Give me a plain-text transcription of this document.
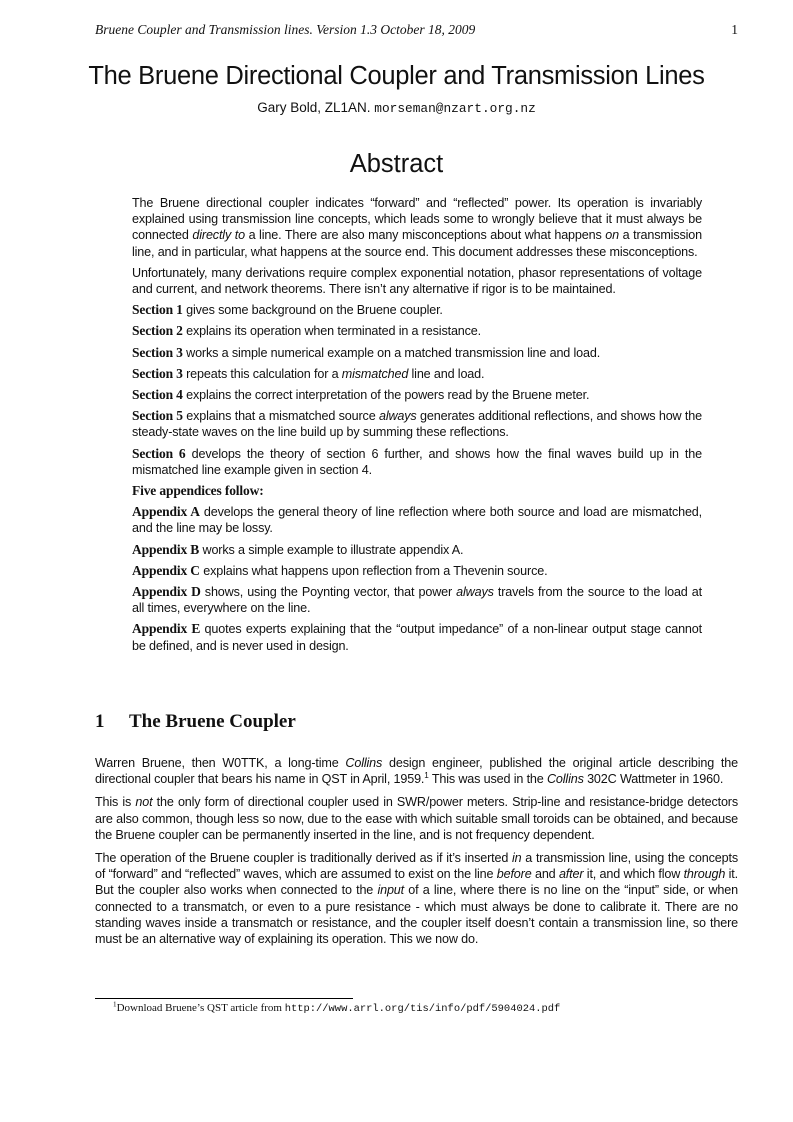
Bruene Coupler and Transmission lines. Version 1.3 October 18, 2009	1
The Bruene Directional Coupler and Transmission Lines
Gary Bold, ZL1AN. morseman@nzart.org.nz
Abstract

The Bruene directional coupler indicates “forward” and “reflected” power. Its operation is invariably explained using transmission line concepts, which leads some to wrongly believe that it must always be connected directly to a line. There are also many misconceptions about what happens on a transmission line, and in particular, what happens at the source end. This document addresses these misconceptions.

Unfortunately, many derivations require complex exponential notation, phasor representations of voltage and current, and network theorems. There isn’t any alternative if rigor is to be maintained.

Section 1 gives some background on the Bruene coupler.

Section 2 explains its operation when terminated in a resistance.

Section 3 works a simple numerical example on a matched transmission line and load.

Section 3 repeats this calculation for a mismatched line and load.

Section 4 explains the correct interpretation of the powers read by the Bruene meter.

Section 5 explains that a mismatched source always generates additional reflections, and shows how the steady-state waves on the line build up by summing these reflections.

Section 6 develops the theory of section 6 further, and shows how the final waves build up in the mismatched line example given in section 4.

Five appendices follow:

Appendix A develops the general theory of line reflection where both source and load are mismatched, and the line may be lossy.

Appendix B works a simple example to illustrate appendix A.

Appendix C explains what happens upon reflection from a Thevenin source.

Appendix D shows, using the Poynting vector, that power always travels from the source to the load at all times, everywhere on the line.

Appendix E quotes experts explaining that the “output impedance” of a non-linear output stage cannot be defined, and is never used in design.

1 The Bruene Coupler

Warren Bruene, then W0TTK, a long-time Collins design engineer, published the original article describing the directional coupler that bears his name in QST in April, 1959.$^1$ This was used in the Collins 302C Wattmeter in 1960.

This is not the only form of directional coupler used in SWR/power meters. Strip-line and resistance-bridge detectors are also common, though less so now, due to the ease with which suitable small toroids can be obtained, and because the Bruene coupler can be permanently inserted in the line, and is not frequency dependent.

The operation of the Bruene coupler is traditionally derived as if it’s inserted in a transmission line, using the concepts of “forward” and “reflected” waves, which are assumed to exist on the line before and after it, and which flow through it. But the coupler also works when connected to the input of a line, where there is no line on the “input” side, or when connected to a transmatch, or even to a pure resistance - which must always be done to calibrate it. There are no standing waves inside a transmatch or resistance, and the coupler itself doesn’t contain a transmission line, so there must be an alternative way of explaining its operation. This we now do.

$^1$Download Bruene’s QST article from http://www.arrl.org/tis/info/pdf/5904024.pdf
